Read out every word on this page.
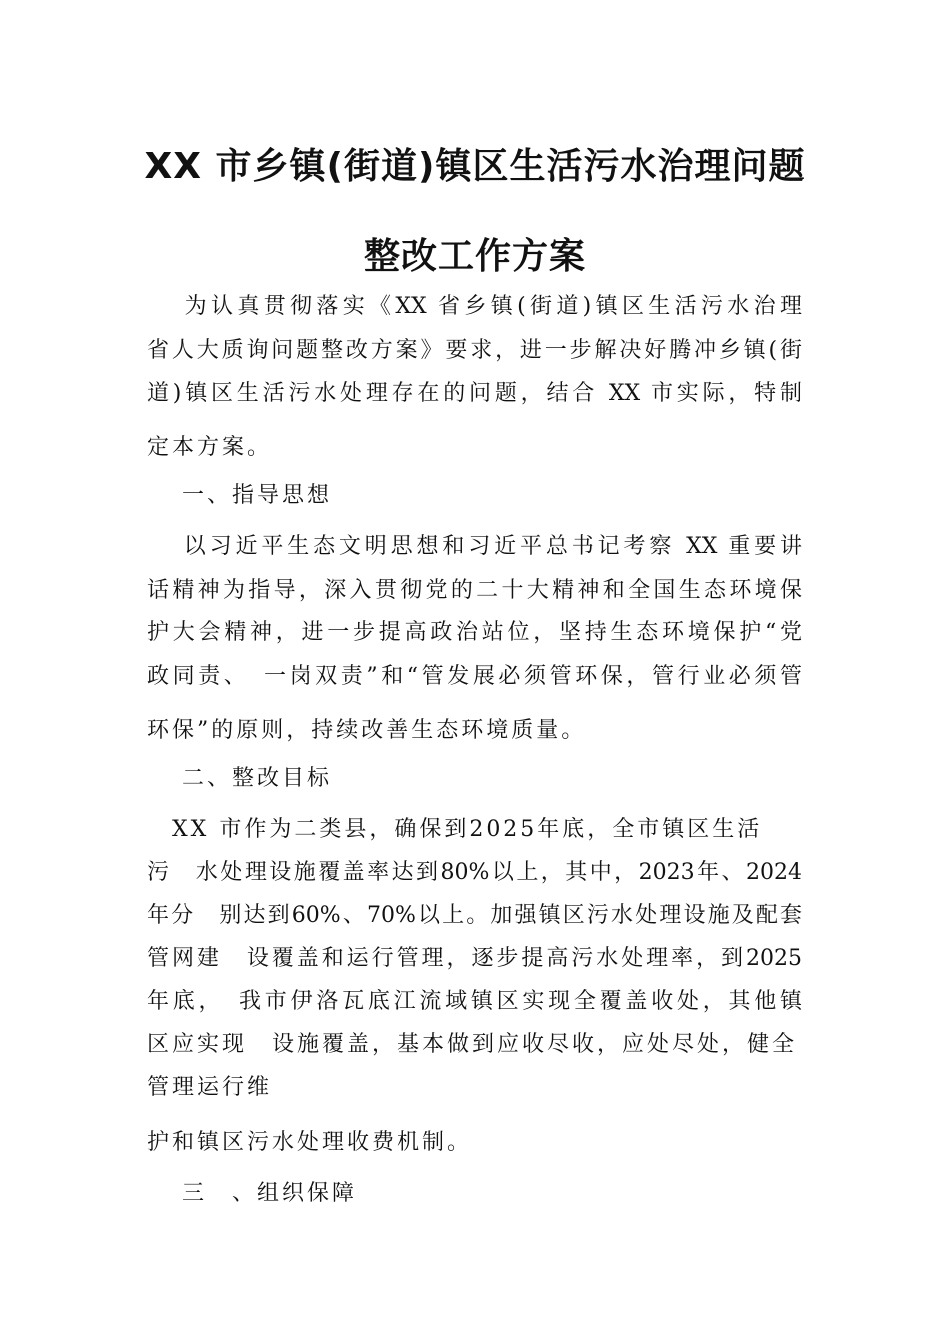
XX 市乡镇(街道)镇区生活污水治理问题
整改工作方案
　 为认真贯彻落实《XX 省乡镇(街道)镇区生活污水治理
省人大质询问题整改方案》要求，进一步解决好腾冲乡镇(街
道)镇区生活污水处理存在的问题，结合 XX 市实际，特制
定本方案。
　 一、指导思想
　 以习近平生态文明思想和习近平总书记考察 XX 重要讲
话精神为指导，深入贯彻党的二十大精神和全国生态环境保
护大会精神，进一步提高政治站位，坚持生态环境保护“党
政同责、　一岗双责”和“管发展必须管环保，管行业必须管
环保”的原则，持续改善生态环境质量。
　 二、整改目标
　XX 市作为二类县，确保到2025年底，全市镇区生活
污　水处理设施覆盖率达到80%以上，其中，2023年、2024
年分　别达到60%、70%以上。加强镇区污水处理设施及配套
管网建　设覆盖和运行管理，逐步提高污水处理率，到2025
年底，　我市伊洛瓦底江流域镇区实现全覆盖收处，其他镇
区应实现　设施覆盖，基本做到应收尽收，应处尽处，健全
管理运行维
护和镇区污水处理收费机制。
　 三　、组织保障
